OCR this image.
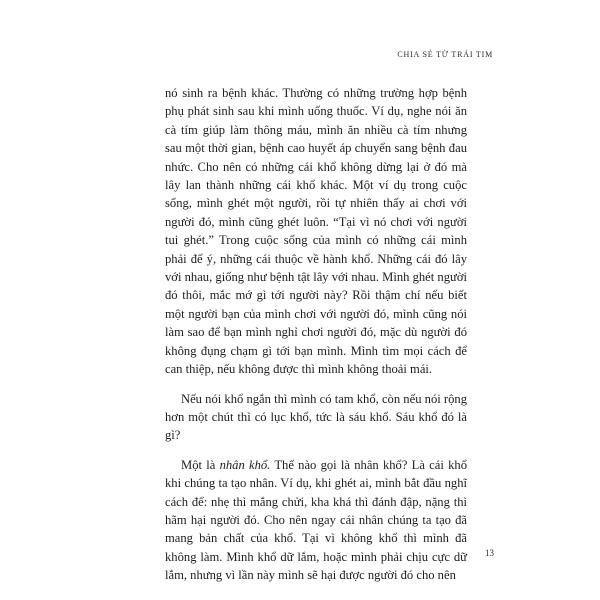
CHIA SẺ TỪ TRÁI TIM

nó sinh ra bệnh khác. Thường có những trường hợp bệnh phụ phát sinh sau khi mình uống thuốc. Ví dụ, nghe nói ăn cà tím giúp làm thông máu, mình ăn nhiều cà tím nhưng sau một thời gian, bệnh cao huyết áp chuyển sang bệnh đau nhức. Cho nên có những cái khổ không dừng lại ở đó mà lây lan thành những cái khổ khác. Một ví dụ trong cuộc sống, mình ghét một người, rồi tự nhiên thấy ai chơi với người đó, mình cũng ghét luôn. “Tại vì nó chơi với người tui ghét.” Trong cuộc sống của mình có những cái mình phải để ý, những cái thuộc về hành khổ. Những cái đó lây với nhau, giống như bệnh tật lây với nhau. Mình ghét người đó thôi, mắc mớ gì tới người này? Rồi thậm chí nếu biết một người bạn của mình chơi với người đó, mình cũng nói làm sao để bạn mình nghỉ chơi người đó, mặc dù người đó không đụng chạm gì tới bạn mình. Mình tìm mọi cách để can thiệp, nếu không được thì mình không thoải mái.

Nếu nói khổ ngắn thì mình có tam khổ, còn nếu nói rộng hơn một chút thì có lục khổ, tức là sáu khổ. Sáu khổ đó là gì?

Một là nhân khổ. Thế nào gọi là nhân khổ? Là cái khổ khi chúng ta tạo nhân. Ví dụ, khi ghét ai, mình bắt đầu nghĩ cách để: nhẹ thì mắng chửi, kha khá thì đánh đập, nặng thì hãm hại người đó. Cho nên ngay cái nhân chúng ta tạo đã mang bản chất của khổ. Tại vì không khổ thì mình đã không làm. Mình khổ dữ lắm, hoặc mình phải chịu cực dữ lắm, nhưng vì lần này mình sẽ hại được người đó cho nên

13
